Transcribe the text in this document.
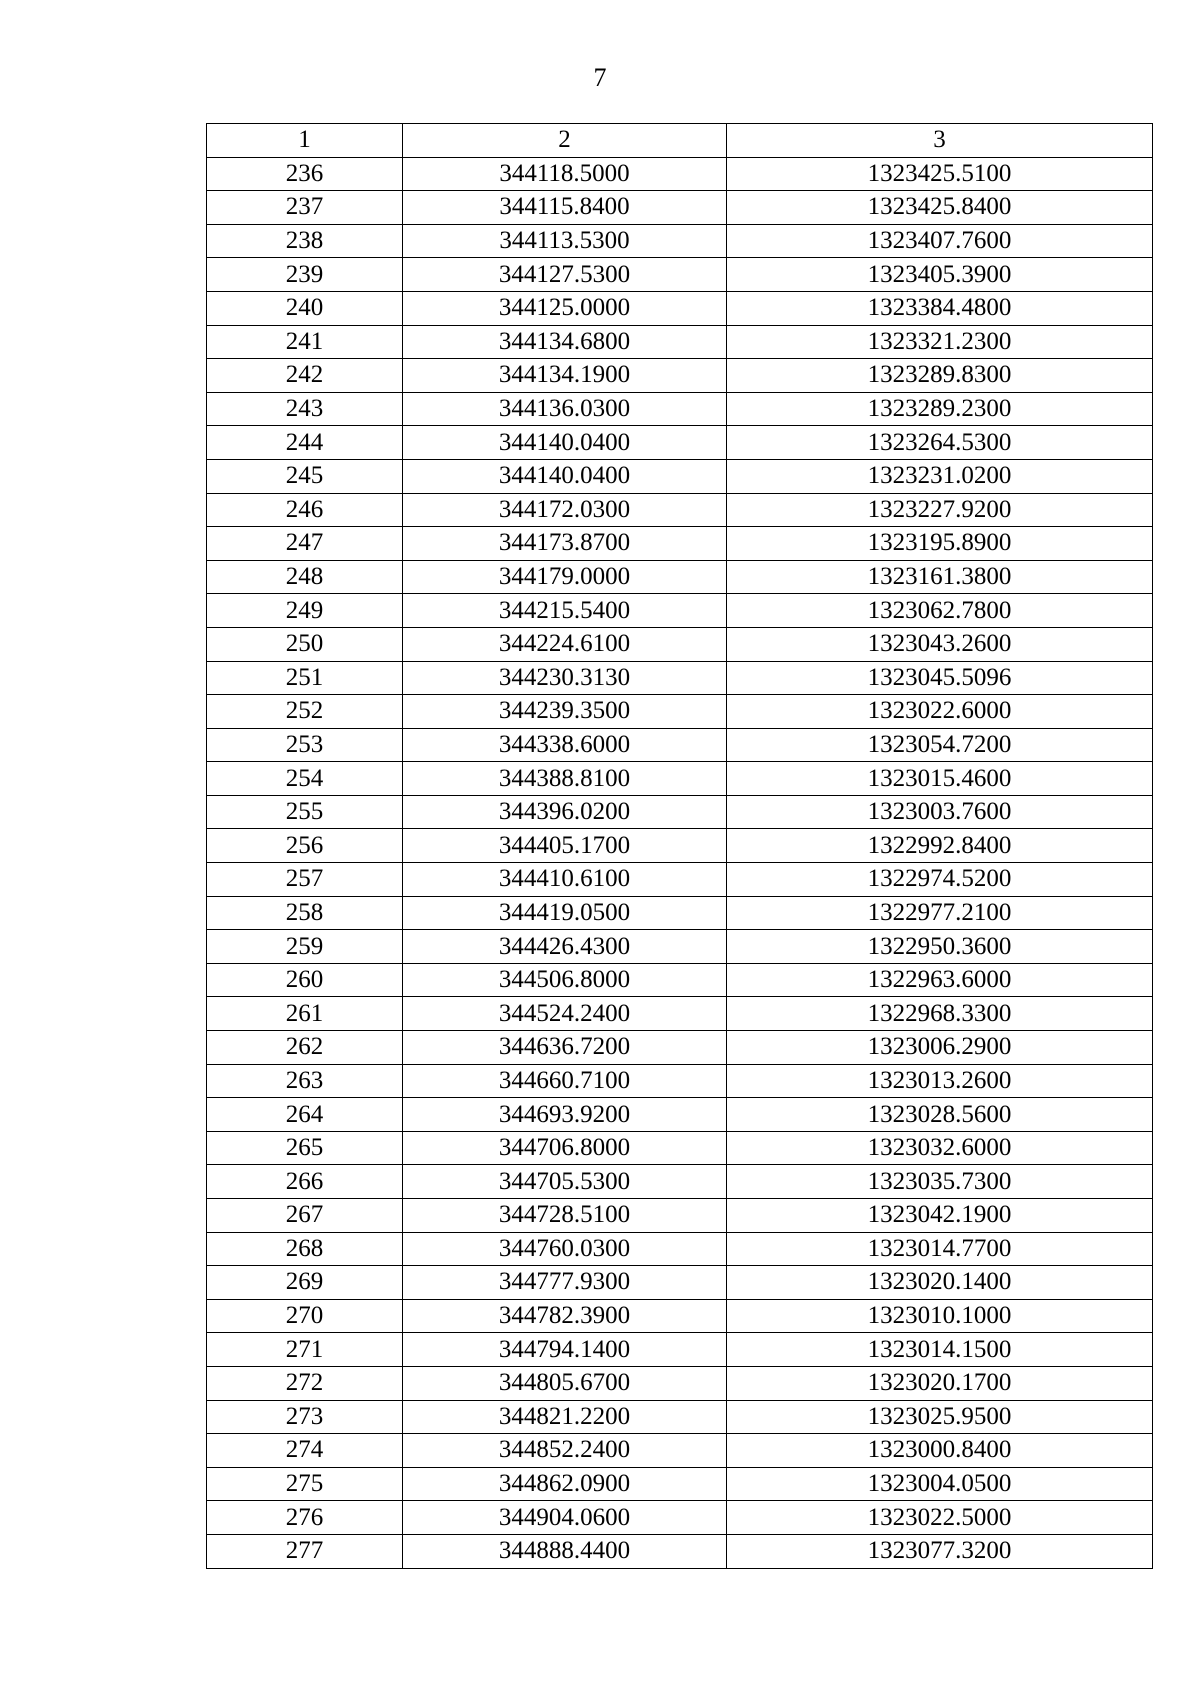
7
1	2	3
236	344118.5000	1323425.5100
237	344115.8400	1323425.8400
238	344113.5300	1323407.7600
239	344127.5300	1323405.3900
240	344125.0000	1323384.4800
241	344134.6800	1323321.2300
242	344134.1900	1323289.8300
243	344136.0300	1323289.2300
244	344140.0400	1323264.5300
245	344140.0400	1323231.0200
246	344172.0300	1323227.9200
247	344173.8700	1323195.8900
248	344179.0000	1323161.3800
249	344215.5400	1323062.7800
250	344224.6100	1323043.2600
251	344230.3130	1323045.5096
252	344239.3500	1323022.6000
253	344338.6000	1323054.7200
254	344388.8100	1323015.4600
255	344396.0200	1323003.7600
256	344405.1700	1322992.8400
257	344410.6100	1322974.5200
258	344419.0500	1322977.2100
259	344426.4300	1322950.3600
260	344506.8000	1322963.6000
261	344524.2400	1322968.3300
262	344636.7200	1323006.2900
263	344660.7100	1323013.2600
264	344693.9200	1323028.5600
265	344706.8000	1323032.6000
266	344705.5300	1323035.7300
267	344728.5100	1323042.1900
268	344760.0300	1323014.7700
269	344777.9300	1323020.1400
270	344782.3900	1323010.1000
271	344794.1400	1323014.1500
272	344805.6700	1323020.1700
273	344821.2200	1323025.9500
274	344852.2400	1323000.8400
275	344862.0900	1323004.0500
276	344904.0600	1323022.5000
277	344888.4400	1323077.3200
